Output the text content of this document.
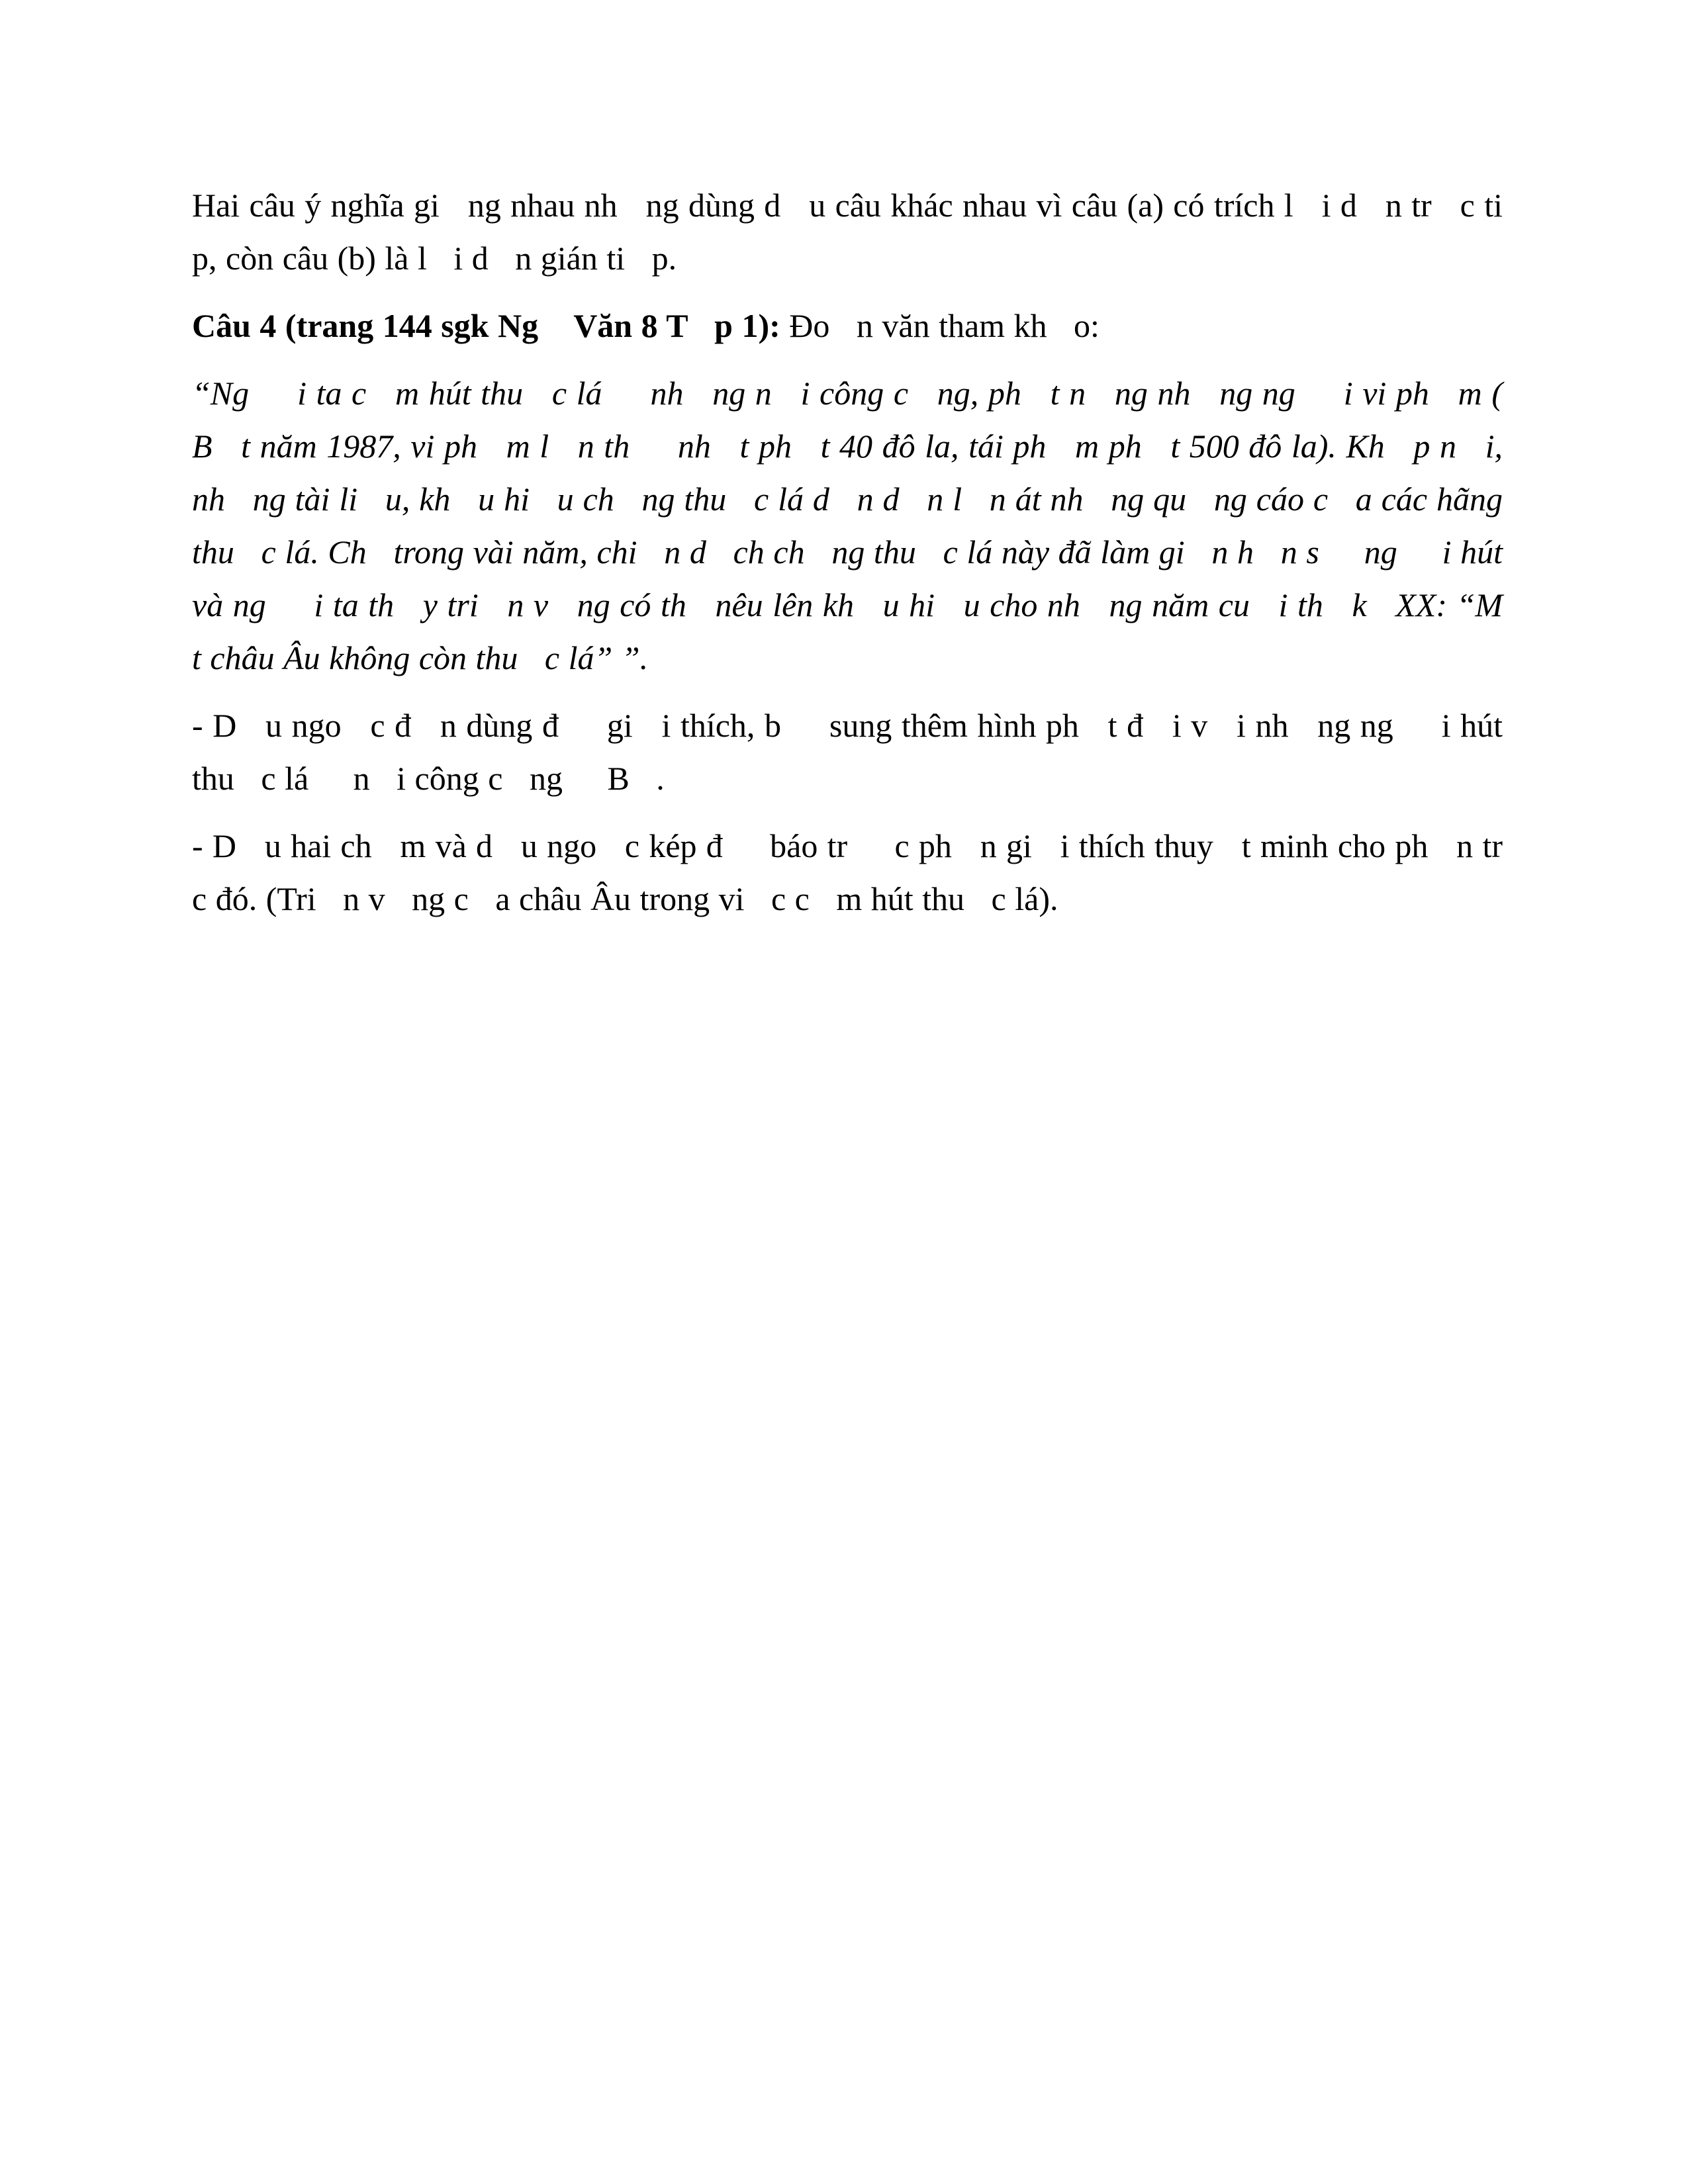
Hai câu ý nghĩa gi   ng nhau nh   ng dùng d   u câu khác nhau vì câu (a) có trích l   i d   n tr   c ti   p, còn câu (b) là l   i d   n gián ti   p.

Câu 4 (trang 144 sgk Ng    Văn 8 T   p 1): Đo   n văn tham kh   o:

“Ng     i ta c   m hút thu   c lá     nh   ng n   i công c   ng, ph   t n   ng nh   ng ng     i vi ph   m (   B   t năm 1987, vi ph   m l   n th     nh   t ph   t 40 đô la, tái ph   m ph   t 500 đô la). Kh   p n   i, nh   ng tài li   u, kh   u hi   u ch   ng thu   c lá d   n d   n l   n át nh   ng qu   ng cáo c   a các hãng thu   c lá. Ch   trong vài năm, chi   n d   ch ch   ng thu   c lá này đã làm gi   n h   n s     ng     i hút và ng     i ta th   y tri   n v   ng có th   nêu lên kh   u hi   u cho nh   ng năm cu   i th   k   XX: “M   t châu Âu không còn thu   c lá” ”.

- D   u ngo   c đ   n dùng đ     gi   i thích, b     sung thêm hình ph   t đ   i v   i nh   ng ng     i hút thu   c lá     n   i công c   ng     B   .

- D   u hai ch   m và d   u ngo   c kép đ     báo tr     c ph   n gi   i thích thuy   t minh cho ph   n tr     c đó. (Tri   n v   ng c   a châu Âu trong vi   c c   m hút thu   c lá).
